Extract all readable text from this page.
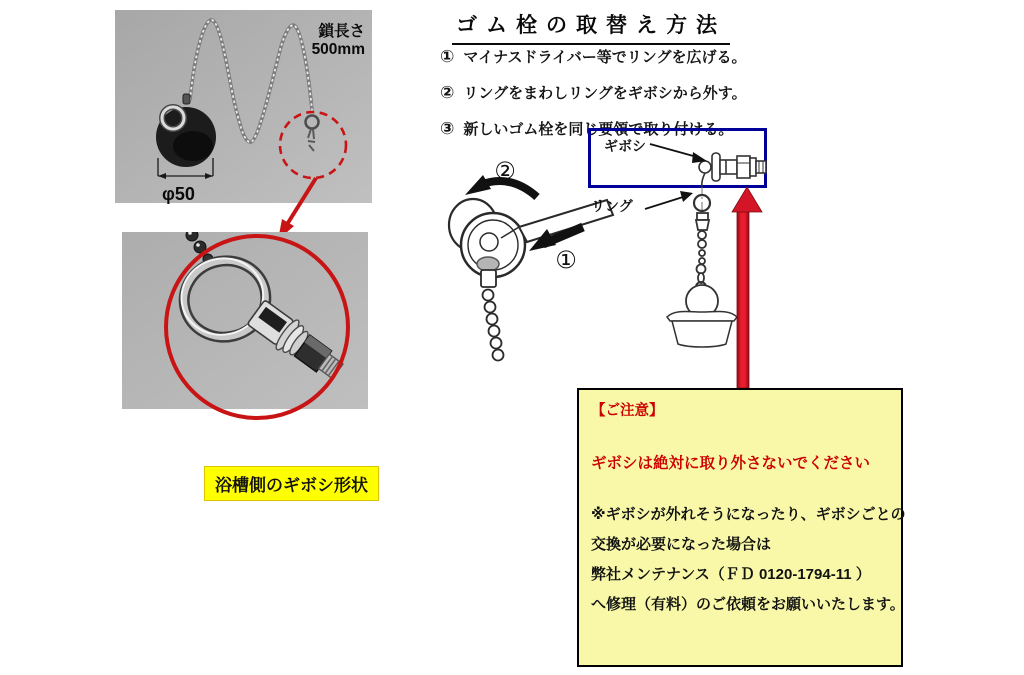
φ50
鎖長さ
500mm
浴槽側のギボシ形状
ゴム栓の取替え方法
① マイナスドライバー等でリングを広げる。
② リングをまわしリングをギボシから外す。
③ 新しいゴム栓を同じ要領で取り付ける。
②
①
ギボシ
リング

【ご注意】

ギボシは絶対に取り外さないでください

※ギボシが外れそうになったり、ギボシごとの
交換が必要になった場合は
弊社メンテナンス（ＦＤ 0120-1794-11 ）
へ修理（有料）のご依頼をお願いいたします。
